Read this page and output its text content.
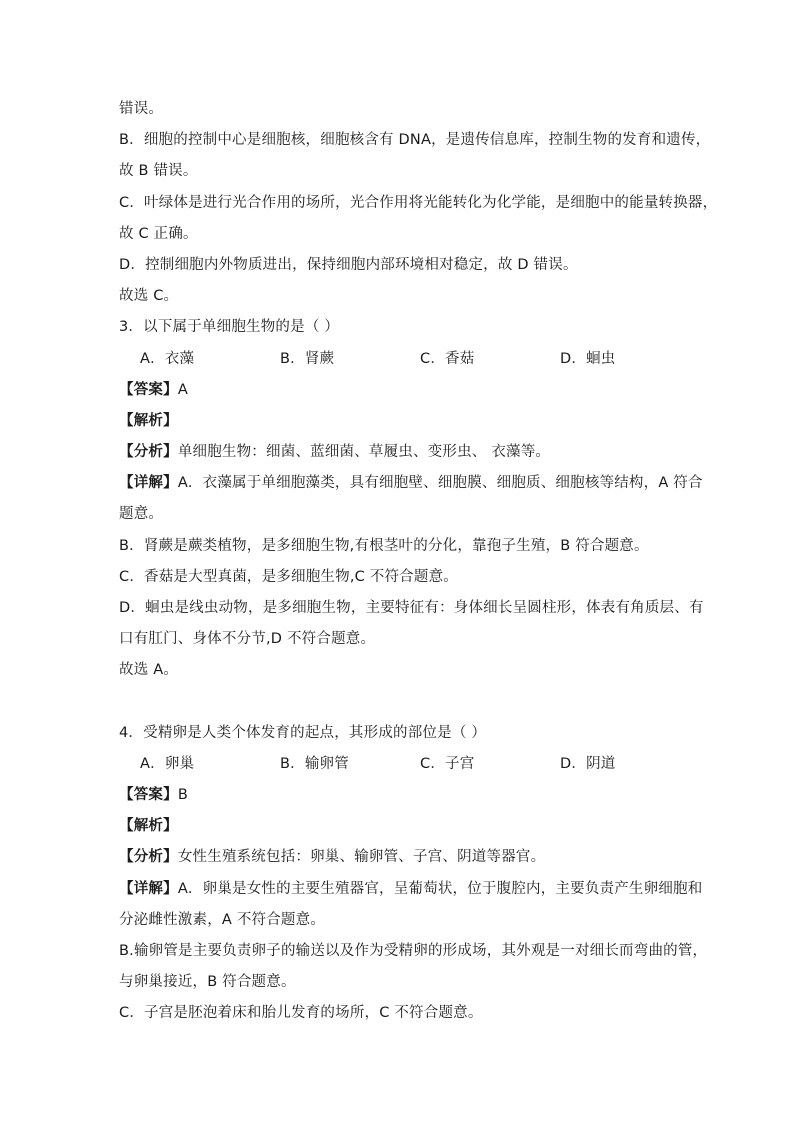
错误。
B．细胞的控制中心是细胞核，细胞核含有 DNA，是遗传信息库，控制生物的发育和遗传，
故 B 错误。
C．叶绿体是进行光合作用的场所，光合作用将光能转化为化学能，是细胞中的能量转换器，
故 C 正确。
D．控制细胞内外物质进出，保持细胞内部环境相对稳定，故 D 错误。
故选 C。
3．以下属于单细胞生物的是（ ）
A．衣藻	B．肾蕨	C．香菇	D．蛔虫
【答案】A
【解析】
【分析】单细胞生物：细菌、蓝细菌、草履虫、变形虫、 衣藻等。
【详解】A．衣藻属于单细胞藻类，具有细胞壁、细胞膜、细胞质、细胞核等结构，A 符合
题意。
B．肾蕨是蕨类植物，是多细胞生物,有根茎叶的分化，靠孢子生殖，B 符合题意。
C．香菇是大型真菌，是多细胞生物,C 不符合题意。
D．蛔虫是线虫动物，是多细胞生物，主要特征有：身体细长呈圆柱形，体表有角质层、有
口有肛门、身体不分节,D 不符合题意。
故选 A。
4．受精卵是人类个体发育的起点，其形成的部位是（ ）
A．卵巢	B．输卵管	C．子宫	D．阴道
【答案】B
【解析】
【分析】女性生殖系统包括：卵巢、输卵管、子宫、阴道等器官。
【详解】A．卵巢是女性的主要生殖器官，呈葡萄状，位于腹腔内，主要负责产生卵细胞和
分泌雌性激素，A 不符合题意。
B.输卵管是主要负责卵子的输送以及作为受精卵的形成场，其外观是一对细长而弯曲的管，
与卵巢接近，B 符合题意。
C．子宫是胚泡着床和胎儿发育的场所，C 不符合题意。
